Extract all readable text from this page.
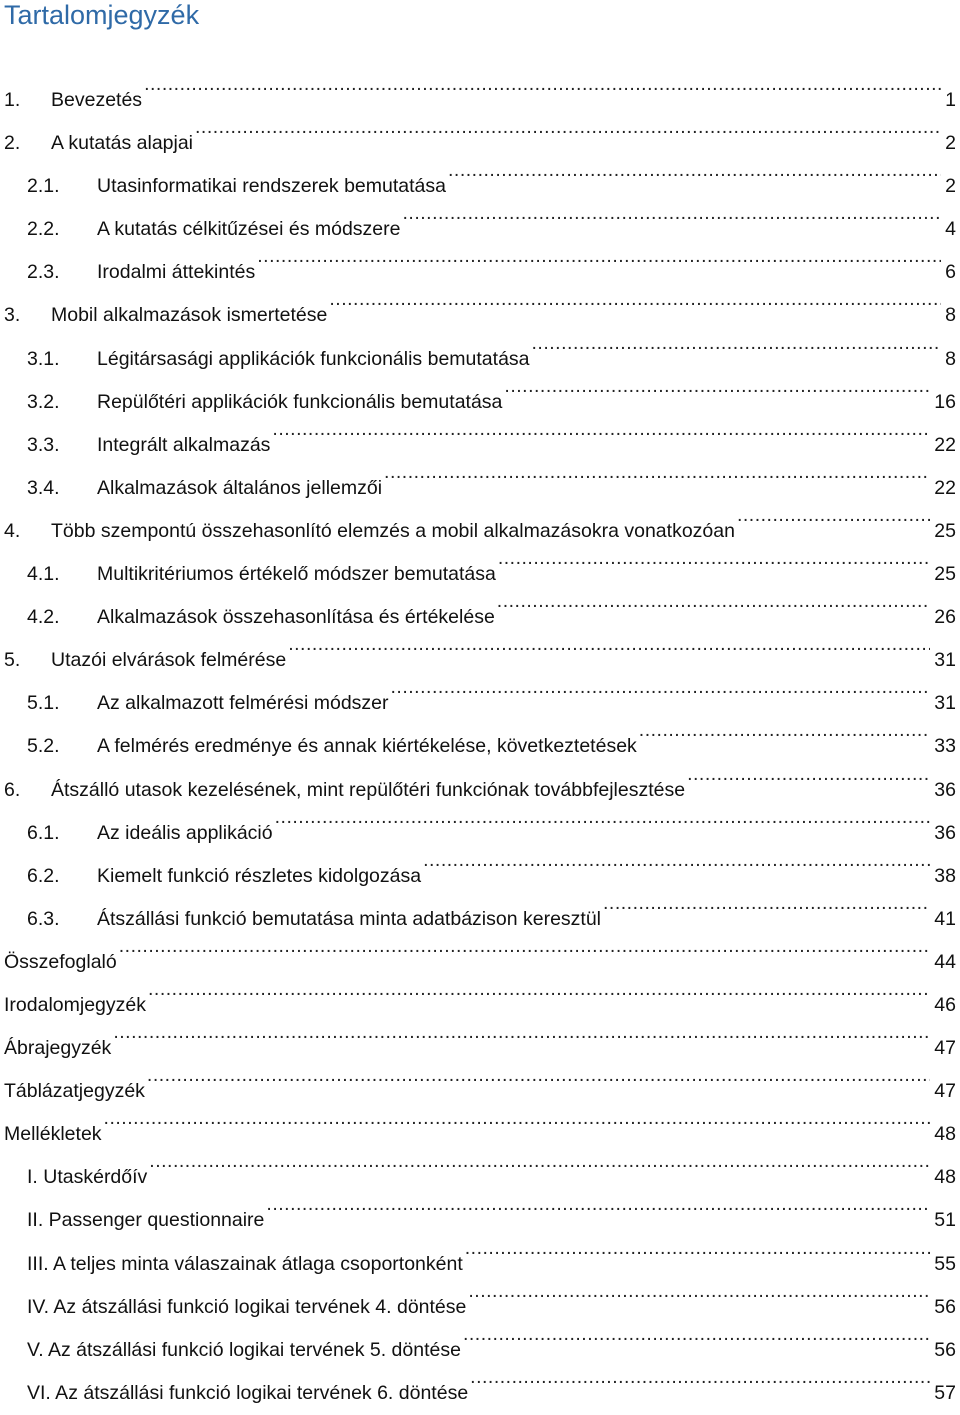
Tartalomjegyzék
1.	Bevezetés .....	1
2.	A kutatás alapjai .....	2
2.1.	Utasinformatikai rendszerek bemutatása .....	2
2.2.	A kutatás célkitűzései és módszere .....	4
2.3.	Irodalmi áttekintés .....	6
3.	Mobil alkalmazások ismertetése .....	8
3.1.	Légitársasági applikációk funkcionális bemutatása .....	8
3.2.	Repülőtéri applikációk funkcionális bemutatása .....	16
3.3.	Integrált alkalmazás .....	22
3.4.	Alkalmazások általános jellemzői .....	22
4.	Több szempontú összehasonlító elemzés a mobil alkalmazásokra vonatkozóan .....	25
4.1.	Multikritériumos értékelő módszer bemutatása .....	25
4.2.	Alkalmazások összehasonlítása és értékelése .....	26
5.	Utazói elvárások felmérése .....	31
5.1.	Az alkalmazott felmérési módszer .....	31
5.2.	A felmérés eredménye és annak kiértékelése, következtetések .....	33
6.	Átszálló utasok kezelésének, mint repülőtéri funkciónak továbbfejlesztése .....	36
6.1.	Az ideális applikáció .....	36
6.2.	Kiemelt funkció részletes kidolgozása .....	38
6.3.	Átszállási funkció bemutatása minta adatbázison keresztül .....	41
Összefoglaló .....	44
Irodalomjegyzék .....	46
Ábrajegyzék .....	47
Táblázatjegyzék .....	47
Mellékletek .....	48
I. Utaskérdőív .....	48
II. Passenger questionnaire .....	51
III. A teljes minta válaszainak átlaga csoportonként .....	55
IV. Az átszállási funkció logikai tervének 4. döntése .....	56
V. Az átszállási funkció logikai tervének 5. döntése .....	56
VI. Az átszállási funkció logikai tervének 6. döntése .....	57
